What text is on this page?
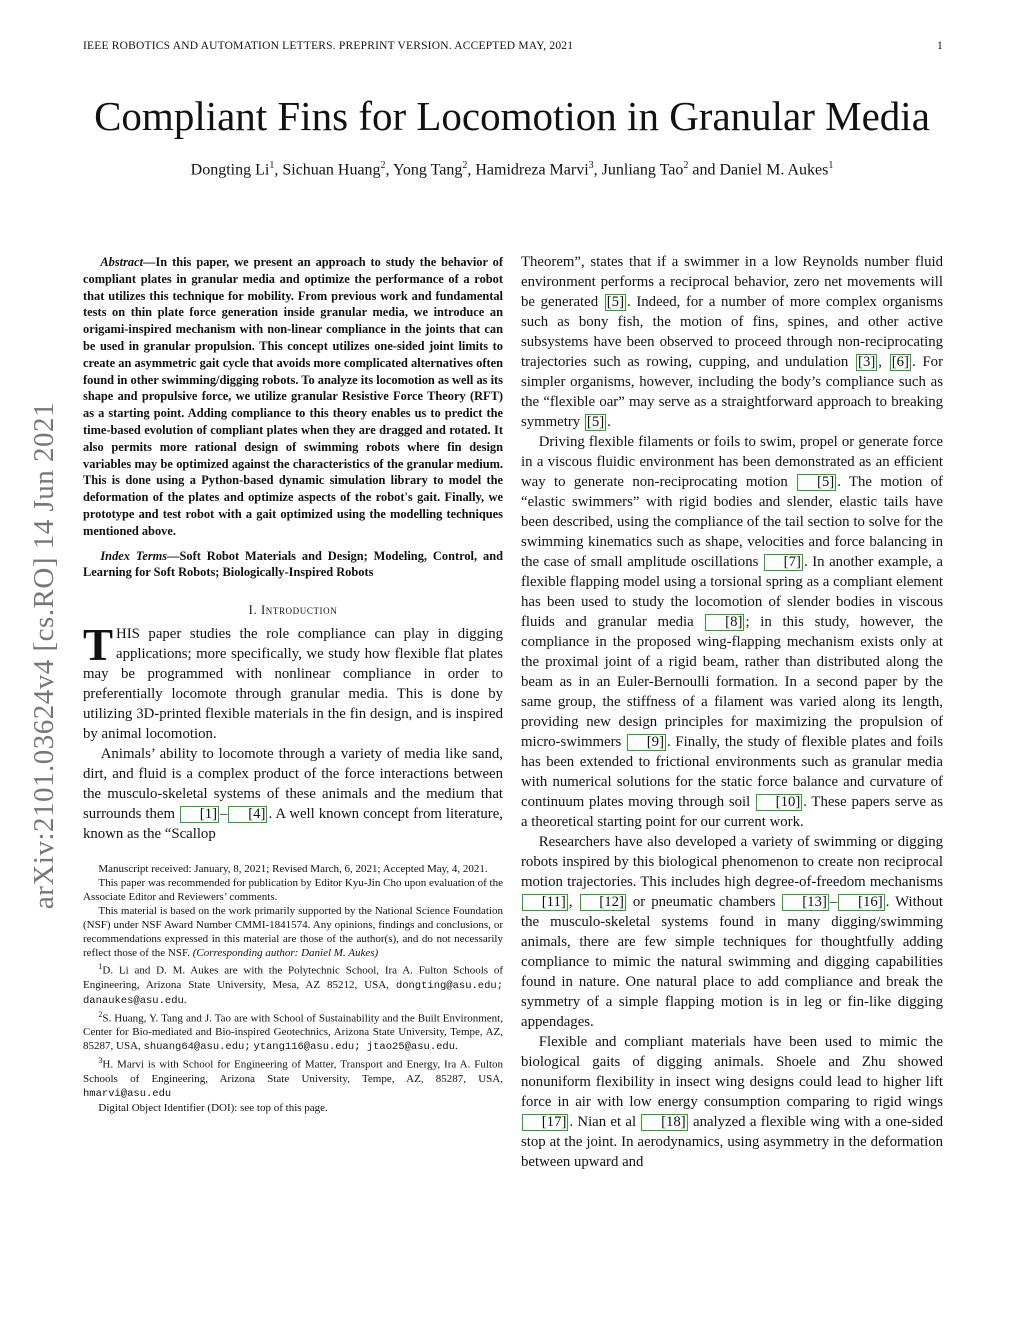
IEEE ROBOTICS AND AUTOMATION LETTERS. PREPRINT VERSION. ACCEPTED MAY, 2021	1
arXiv:2101.03624v4 [cs.RO] 14 Jun 2021
Compliant Fins for Locomotion in Granular Media
Dongting Li$^1$, Sichuan Huang$^2$, Yong Tang$^2$, Hamidreza Marvi$^3$, Junliang Tao$^2$ and Daniel M. Aukes$^1$

Abstract—In this paper, we present an approach to study the behavior of compliant plates in granular media and optimize the performance of a robot that utilizes this technique for mobility. From previous work and fundamental tests on thin plate force generation inside granular media, we introduce an origami-inspired mechanism with non-linear compliance in the joints that can be used in granular propulsion. This concept utilizes one-sided joint limits to create an asymmetric gait cycle that avoids more complicated alternatives often found in other swimming/digging robots. To analyze its locomotion as well as its shape and propulsive force, we utilize granular Resistive Force Theory (RFT) as a starting point. Adding compliance to this theory enables us to predict the time-based evolution of compliant plates when they are dragged and rotated. It also permits more rational design of swimming robots where fin design variables may be optimized against the characteristics of the granular medium. This is done using a Python-based dynamic simulation library to model the deformation of the plates and optimize aspects of the robot's gait. Finally, we prototype and test robot with a gait optimized using the modelling techniques mentioned above.

Index Terms—Soft Robot Materials and Design; Modeling, Control, and Learning for Soft Robots; Biologically-Inspired Robots

I. Introduction

THIS paper studies the role compliance can play in digging applications; more specifically, we study how flexible flat plates may be programmed with nonlinear compliance in order to preferentially locomote through granular media. This is done by utilizing 3D-printed flexible materials in the fin design, and is inspired by animal locomotion.

Animals’ ability to locomote through a variety of media like sand, dirt, and fluid is a complex product of the force interactions between the musculo-skeletal systems of these animals and the medium that surrounds them [1] – [4] . A well known concept from literature, known as the “Scallop

Manuscript received: January, 8, 2021; Revised March, 6, 2021; Accepted May, 4, 2021.

This paper was recommended for publication by Editor Kyu-Jin Cho upon evaluation of the Associate Editor and Reviewers’ comments.

This material is based on the work primarily supported by the National Science Foundation (NSF) under NSF Award Number CMMI-1841574. Any opinions, findings and conclusions, or recommendations expressed in this material are those of the author(s), and do not necessarily reflect those of the NSF. (Corresponding author: Daniel M. Aukes)

$^1$D. Li and D. M. Aukes are with the Polytechnic School, Ira A. Fulton Schools of Engineering, Arizona State University, Mesa, AZ 85212, USA, dongting@asu.edu; danaukes@asu.edu.

$^2$S. Huang, Y. Tang and J. Tao are with School of Sustainability and the Built Environment, Center for Bio-mediated and Bio-inspired Geotechnics, Arizona State University, Tempe, AZ, 85287, USA, shuang64@asu.edu; ytang116@asu.edu; jtao25@asu.edu.

$^3$H. Marvi is with School for Engineering of Matter, Transport and Energy, Ira A. Fulton Schools of Engineering, Arizona State University, Tempe, AZ, 85287, USA, hmarvi@asu.edu

Digital Object Identifier (DOI): see top of this page.

Theorem”, states that if a swimmer in a low Reynolds number fluid environment performs a reciprocal behavior, zero net movements will be generated [5] . Indeed, for a number of more complex organisms such as bony fish, the motion of fins, spines, and other active subsystems have been observed to proceed through non-reciprocating trajectories such as rowing, cupping, and undulation [3] , [6] . For simpler organisms, however, including the body’s compliance such as the “flexible oar” may serve as a straightforward approach to breaking symmetry [5] .

Driving flexible filaments or foils to swim, propel or generate force in a viscous fluidic environment has been demonstrated as an efficient way to generate non-reciprocating motion [5] . The motion of “elastic swimmers” with rigid bodies and slender, elastic tails have been described, using the compliance of the tail section to solve for the swimming kinematics such as shape, velocities and force balancing in the case of small amplitude oscillations [7] . In another example, a flexible flapping model using a torsional spring as a compliant element has been used to study the locomotion of slender bodies in viscous fluids and granular media [8] ; in this study, however, the compliance in the proposed wing-flapping mechanism exists only at the proximal joint of a rigid beam, rather than distributed along the beam as in an Euler-Bernoulli formation. In a second paper by the same group, the stiffness of a filament was varied along its length, providing new design principles for maximizing the propulsion of micro-swimmers [9] . Finally, the study of flexible plates and foils has been extended to frictional environments such as granular media with numerical solutions for the static force balance and curvature of continuum plates moving through soil [10] . These papers serve as a theoretical starting point for our current work.

Researchers have also developed a variety of swimming or digging robots inspired by this biological phenomenon to create non reciprocal motion trajectories. This includes high degree-of-freedom mechanisms [11] , [12] or pneumatic chambers [13] – [16] . Without the musculo-skeletal systems found in many digging/swimming animals, there are few simple techniques for thoughtfully adding compliance to mimic the natural swimming and digging capabilities found in nature. One natural place to add compliance and break the symmetry of a simple flapping motion is in leg or fin-like digging appendages.

Flexible and compliant materials have been used to mimic the biological gaits of digging animals. Shoele and Zhu showed nonuniform flexibility in insect wing designs could lead to higher lift force in air with low energy consumption comparing to rigid wings [17] . Nian et al [18] analyzed a flexible wing with a one-sided stop at the joint. In aerodynamics, using asymmetry in the deformation between upward and
